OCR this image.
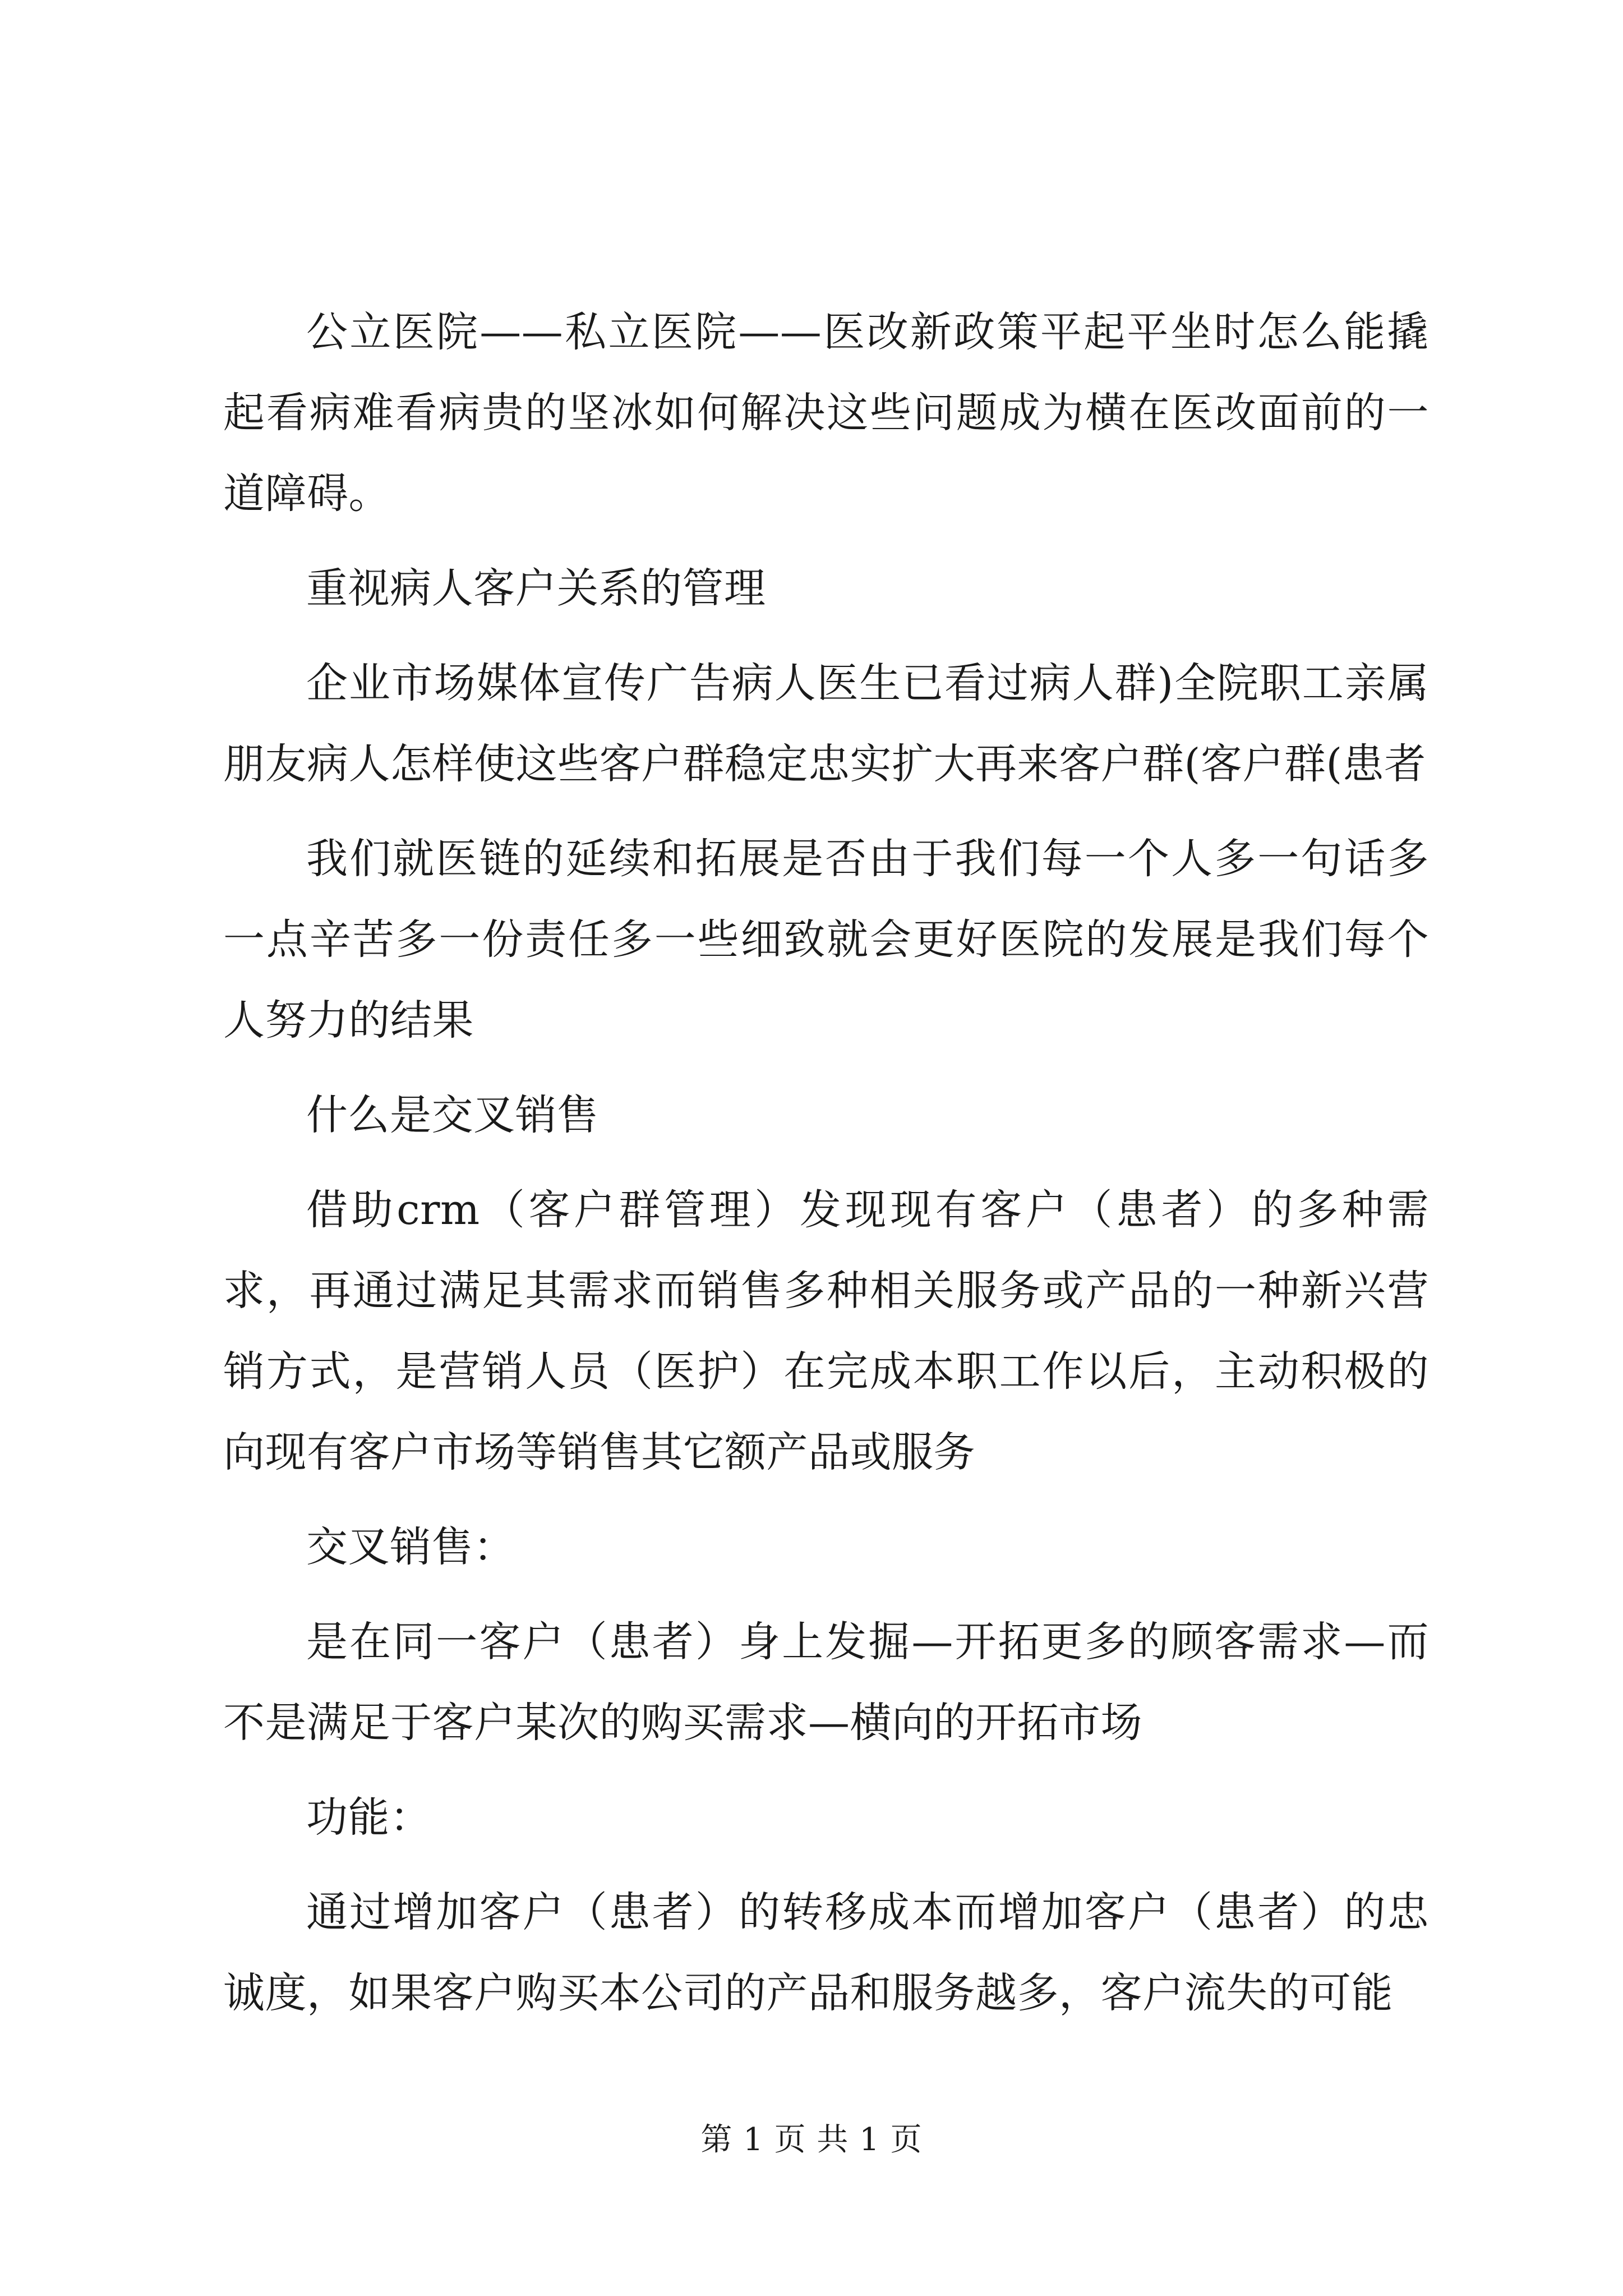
公立医院——私立医院——医改新政策平起平坐时怎么能撬起看病难看病贵的坚冰如何解决这些问题成为横在医改面前的一道障碍。

重视病人客户关系的管理

企业市场媒体宣传广告病人医生已看过病人群)全院职工亲属朋友病人怎样使这些客户群稳定忠实扩大再来客户群(客户群(患者

我们就医链的延续和拓展是否由于我们每一个人多一句话多一点辛苦多一份责任多一些细致就会更好医院的发展是我们每个人努力的结果

什么是交叉销售

借助crm（客户群管理）发现现有客户（患者）的多种需求，再通过满足其需求而销售多种相关服务或产品的一种新兴营销方式，是营销人员（医护）在完成本职工作以后，主动积极的向现有客户市场等销售其它额产品或服务

交叉销售：

是在同一客户（患者）身上发掘—开拓更多的顾客需求—而不是满足于客户某次的购买需求—横向的开拓市场

功能：

通过增加客户（患者）的转移成本而增加客户（患者）的忠诚度，如果客户购买本公司的产品和服务越多，客户流失的可能

第 1 页 共 1 页
